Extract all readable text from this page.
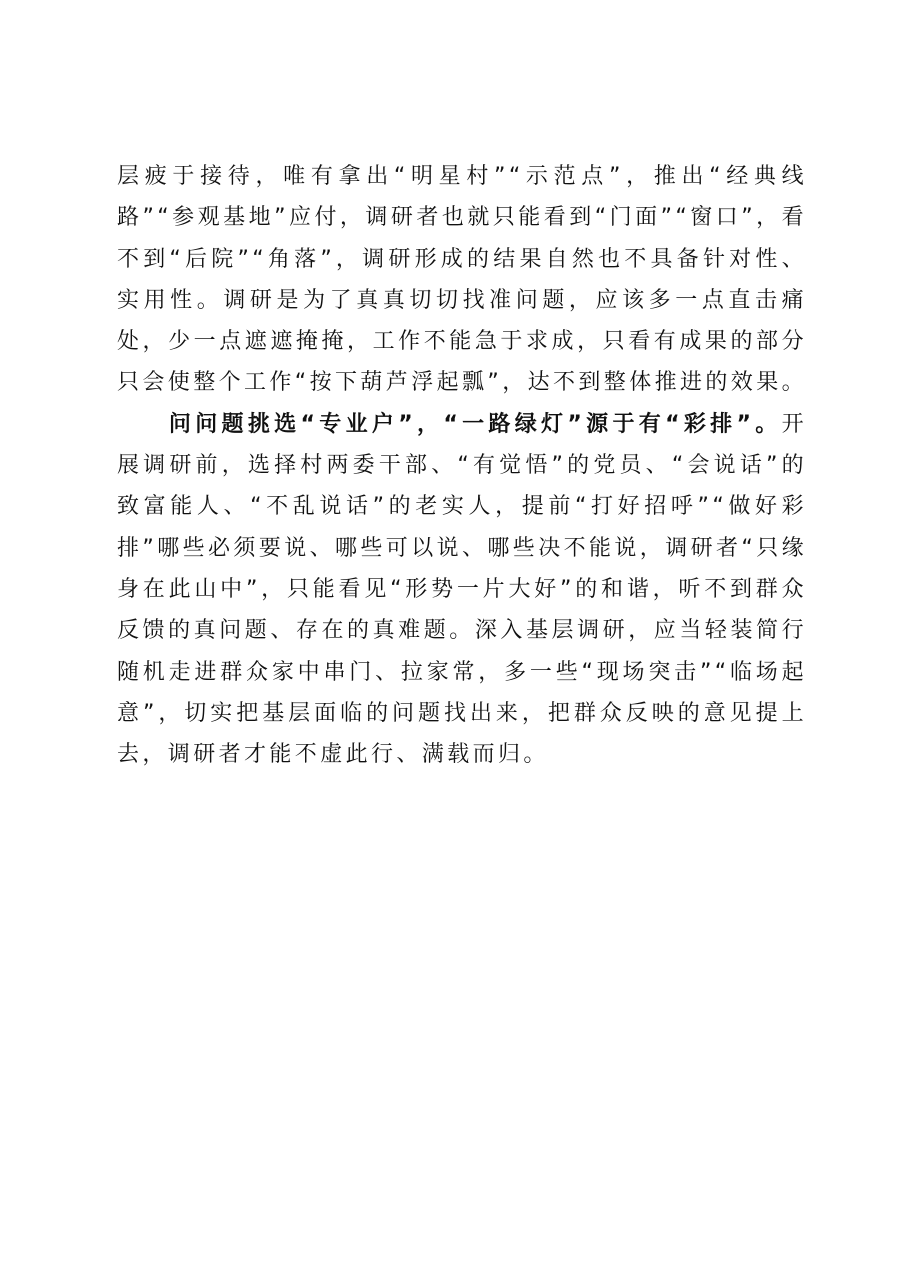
层疲于接待，唯有拿出“明星村”“示范点”，推出“经典线路”“参观基地”应付，调研者也就只能看到“门面”“窗口”，看不到“后院”“角落”，调研形成的结果自然也不具备针对性、实用性。调研是为了真真切切找准问题，应该多一点直击痛处，少一点遮遮掩掩，工作不能急于求成，只看有成果的部分只会使整个工作“按下葫芦浮起瓢”，达不到整体推进的效果。

问问题挑选“专业户”，“一路绿灯”源于有“彩排”。开展调研前，选择村两委干部、“有觉悟”的党员、“会说话”的致富能人、“不乱说话”的老实人，提前“打好招呼”“做好彩排”哪些必须要说、哪些可以说、哪些决不能说，调研者“只缘身在此山中”，只能看见“形势一片大好”的和谐，听不到群众反馈的真问题、存在的真难题。深入基层调研，应当轻装简行随机走进群众家中串门、拉家常，多一些“现场突击”“临场起意”，切实把基层面临的问题找出来，把群众反映的意见提上去，调研者才能不虚此行、满载而归。
